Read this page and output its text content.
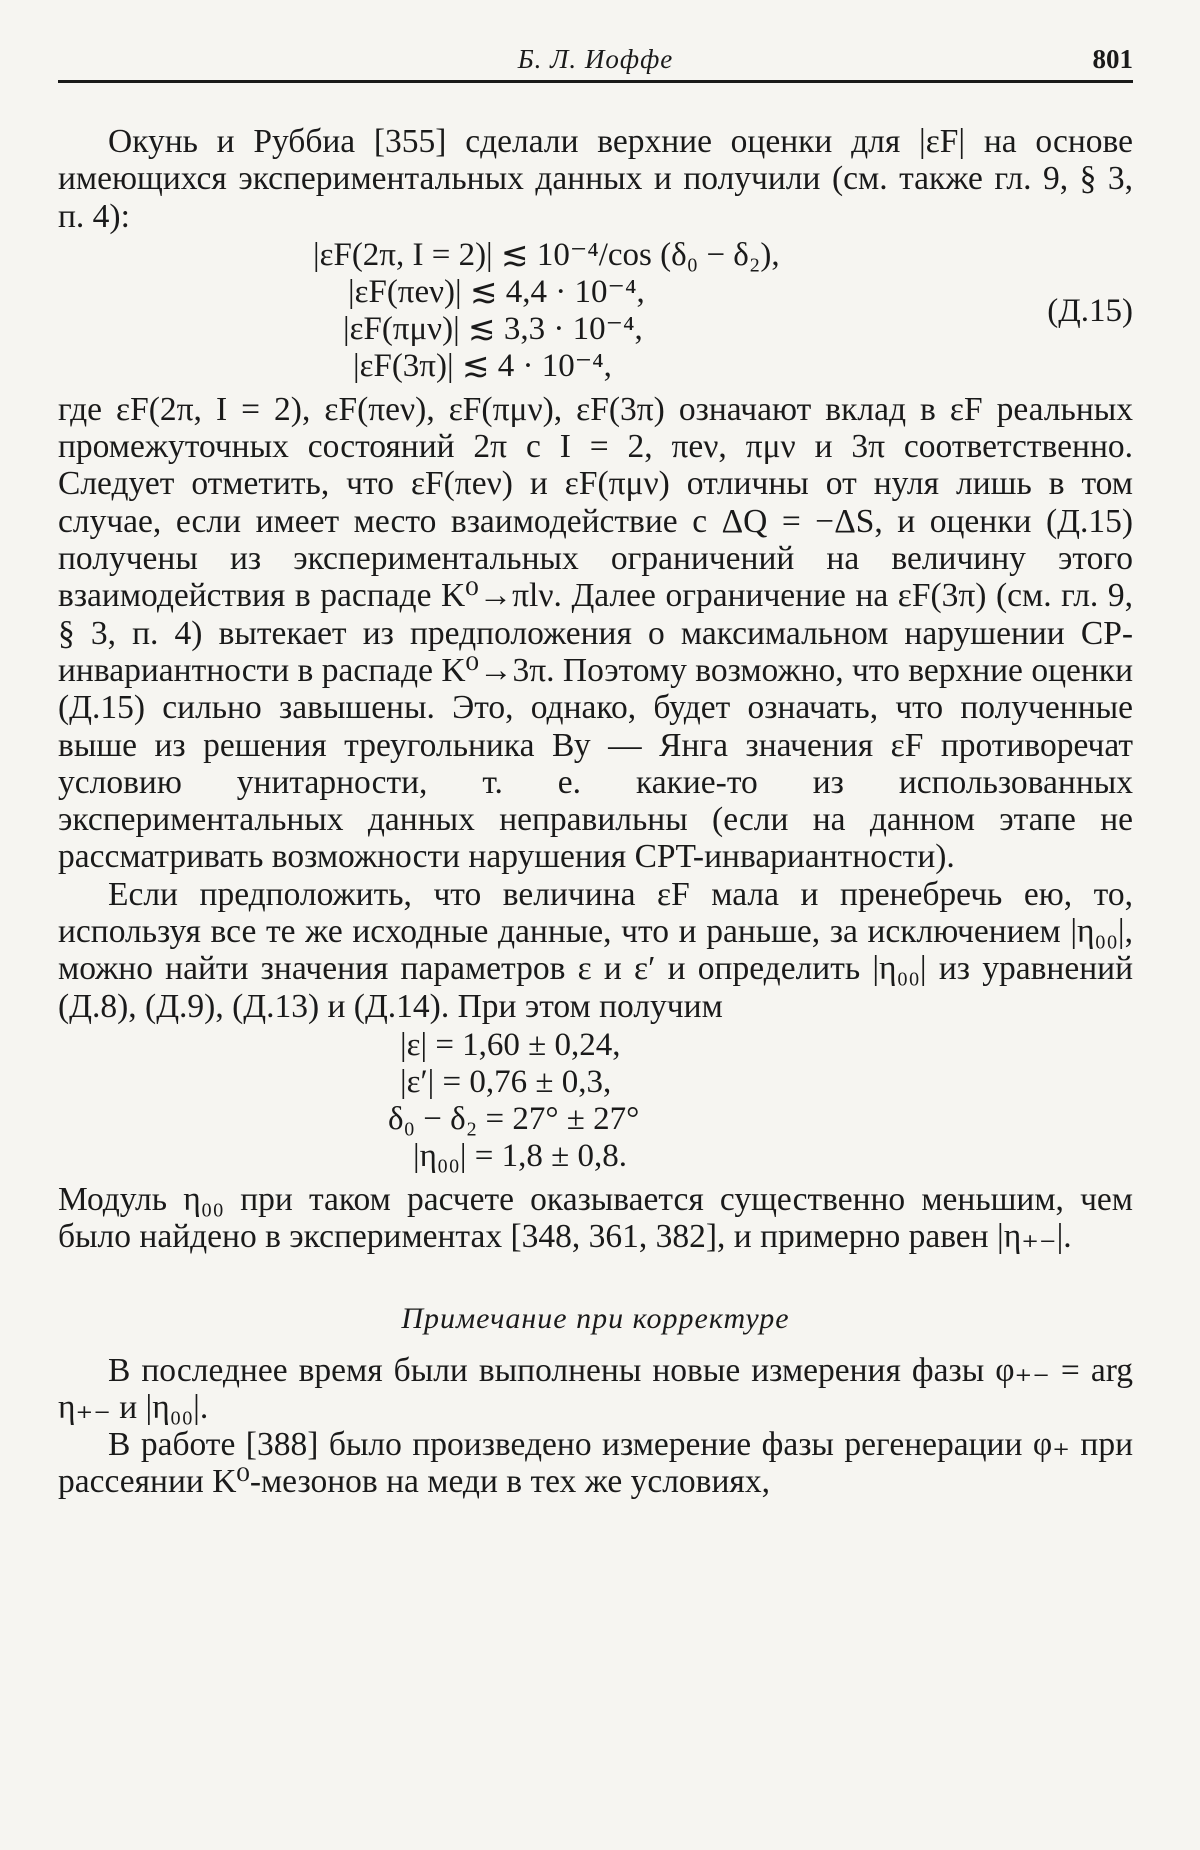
Б. Л. Иоффе	801

Окунь и Руббиа [355] сделали верхние оценки для |εF| на основе имеющихся экспериментальных данных и получили (см. также гл. 9, § 3, п. 4):

|εF(2π, I = 2)| ≲ 10⁻⁴/cos (δ₀ − δ₂),
|εF(πeν)| ≲ 4,4 · 10⁻⁴,
|εF(πμν)| ≲ 3,3 · 10⁻⁴,
|εF(3π)| ≲ 4 · 10⁻⁴,
(Д.15)

где εF(2π, I = 2), εF(πeν), εF(πμν), εF(3π) означают вклад в εF реальных промежуточных состояний 2π с I = 2, πeν, πμν и 3π соответственно. Следует отметить, что εF(πeν) и εF(πμν) отличны от нуля лишь в том случае, если имеет место взаимодействие с ΔQ = −ΔS, и оценки (Д.15) получены из экспериментальных ограничений на величину этого взаимодействия в распаде K⁰→πlν. Далее ограничение на εF(3π) (см. гл. 9, § 3, п. 4) вытекает из предположения о максимальном нарушении CP-инвариантности в распаде K⁰→3π. Поэтому возможно, что верхние оценки (Д.15) сильно завышены. Это, однако, будет означать, что полученные выше из решения треугольника Ву — Янга значения εF противоречат условию унитарности, т. е. какие-то из использованных экспериментальных данных неправильны (если на данном этапе не рассматривать возможности нарушения CPT-инвариантности).

Если предположить, что величина εF мала и пренебречь ею, то, используя все те же исходные данные, что и раньше, за исключением |η₀₀|, можно найти значения параметров ε и ε′ и определить |η₀₀| из уравнений (Д.8), (Д.9), (Д.13) и (Д.14). При этом получим

|ε| = 1,60 ± 0,24,
|ε′| = 0,76 ± 0,3,
δ₀ − δ₂ = 27° ± 27°
|η₀₀| = 1,8 ± 0,8.

Модуль η₀₀ при таком расчете оказывается существенно меньшим, чем было найдено в экспериментах [348, 361, 382], и примерно равен |η₊₋|.

Примечание при корректуре

В последнее время были выполнены новые измерения фазы φ₊₋ = arg η₊₋ и |η₀₀|.

В работе [388] было произведено измерение фазы регенерации φ₊ при рассеянии K⁰-мезонов на меди в тех же условиях,
